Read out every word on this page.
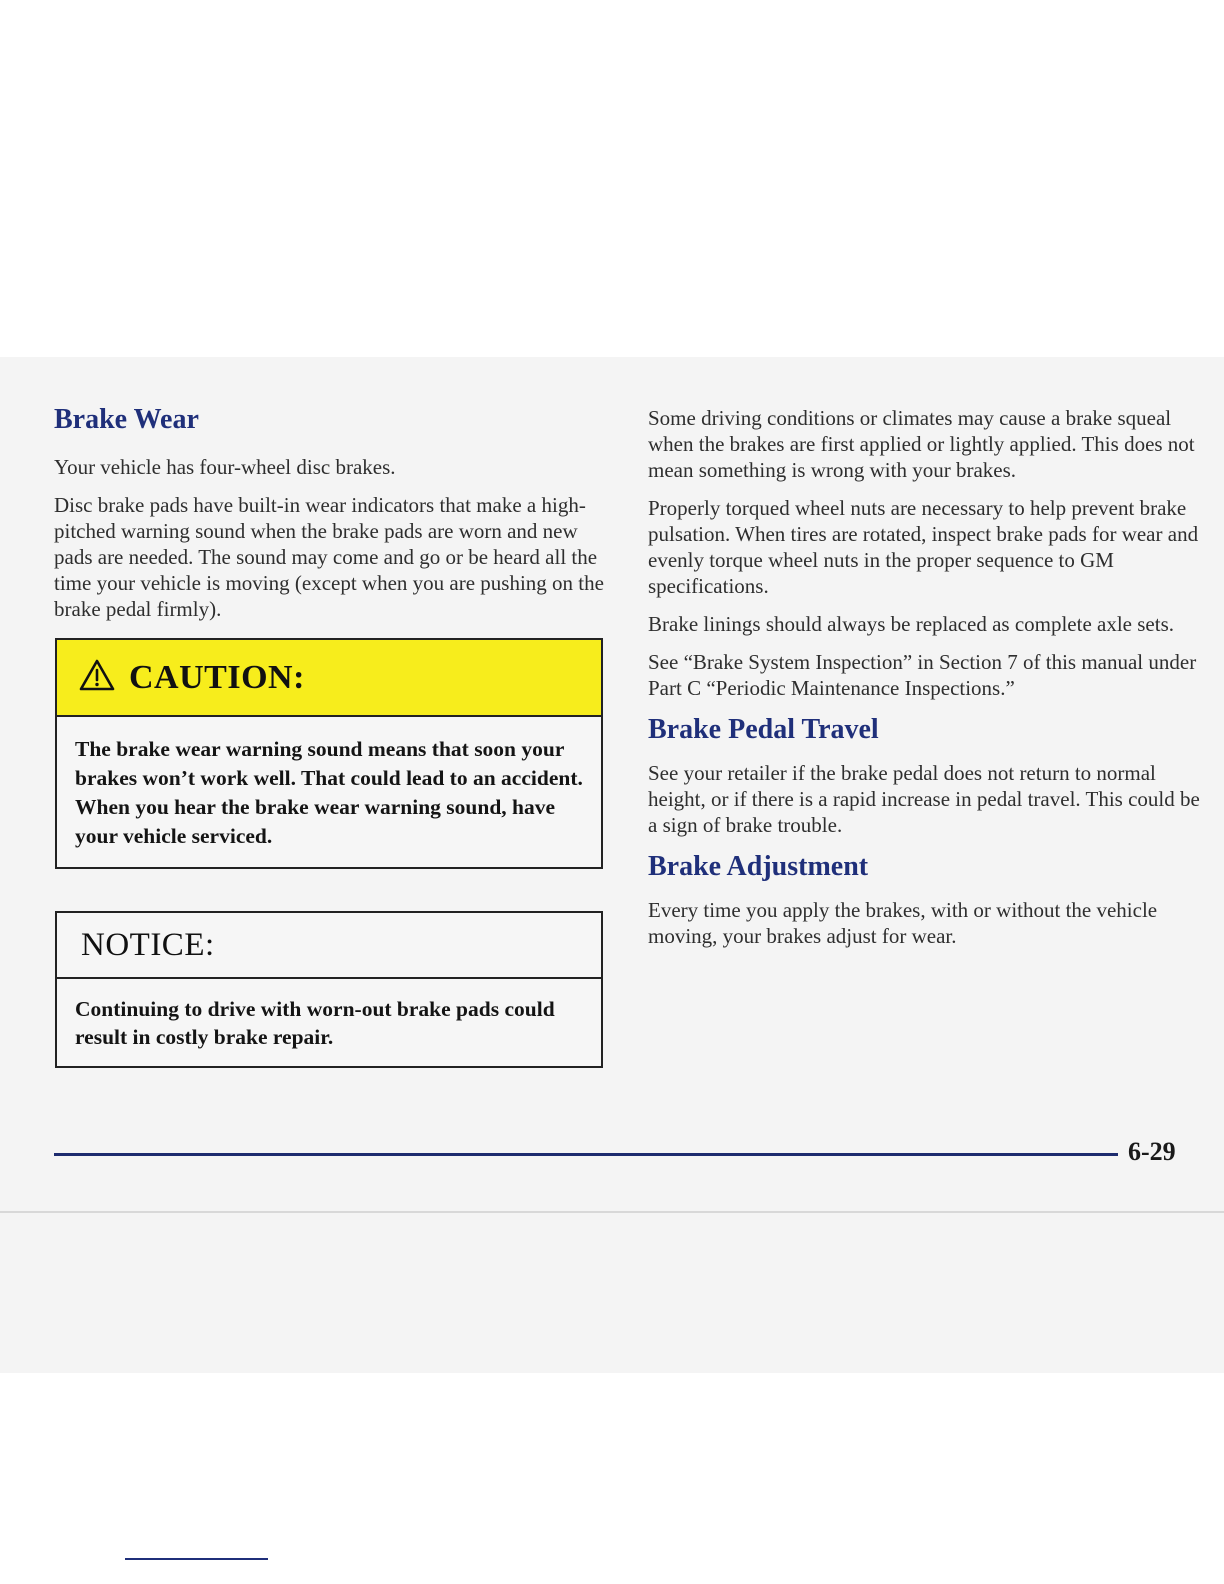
Brake Wear

Your vehicle has four-wheel disc brakes.

Disc brake pads have built-in wear indicators that make a high-pitched warning sound when the brake pads are worn and new pads are needed. The sound may come and go or be heard all the time your vehicle is moving (except when you are pushing on the brake pedal firmly).

CAUTION:
The brake wear warning sound means that soon your brakes won’t work well. That could lead to an accident. When you hear the brake wear warning sound, have your vehicle serviced.
NOTICE:
Continuing to drive with worn-out brake pads could result in costly brake repair.

Some driving conditions or climates may cause a brake squeal when the brakes are first applied or lightly applied. This does not mean something is wrong with your brakes.

Properly torqued wheel nuts are necessary to help prevent brake pulsation. When tires are rotated, inspect brake pads for wear and evenly torque wheel nuts in the proper sequence to GM specifications.

Brake linings should always be replaced as complete axle sets.

See “Brake System Inspection” in Section 7 of this manual under Part C “Periodic Maintenance Inspections.”

Brake Pedal Travel

See your retailer if the brake pedal does not return to normal height, or if there is a rapid increase in pedal travel. This could be a sign of brake trouble.

Brake Adjustment

Every time you apply the brakes, with or without the vehicle moving, your brakes adjust for wear.

6-29
